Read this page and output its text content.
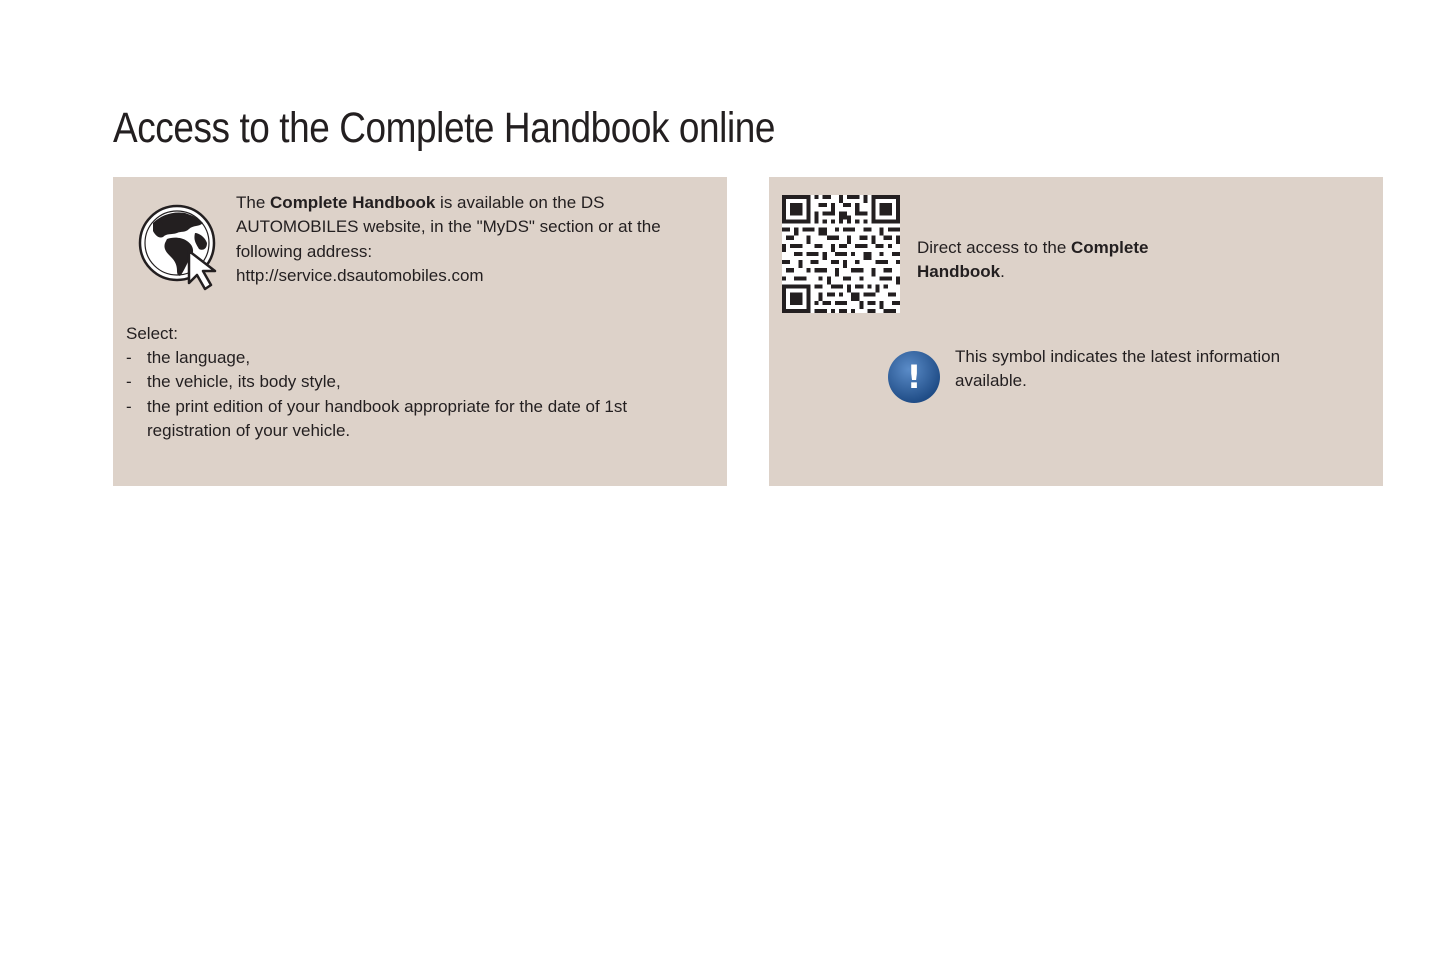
Access to the Complete Handbook online

The Complete Handbook is available on the DS
AUTOMOBILES website, in the "MyDS" section or at the
following address:
http://service.dsautomobiles.com

Select:

- the language,
- the vehicle, its body style,
- the print edition of your handbook appropriate for the date of 1st registration of your vehicle.

Direct access to the Complete
Handbook.

!

This symbol indicates the latest information available.
